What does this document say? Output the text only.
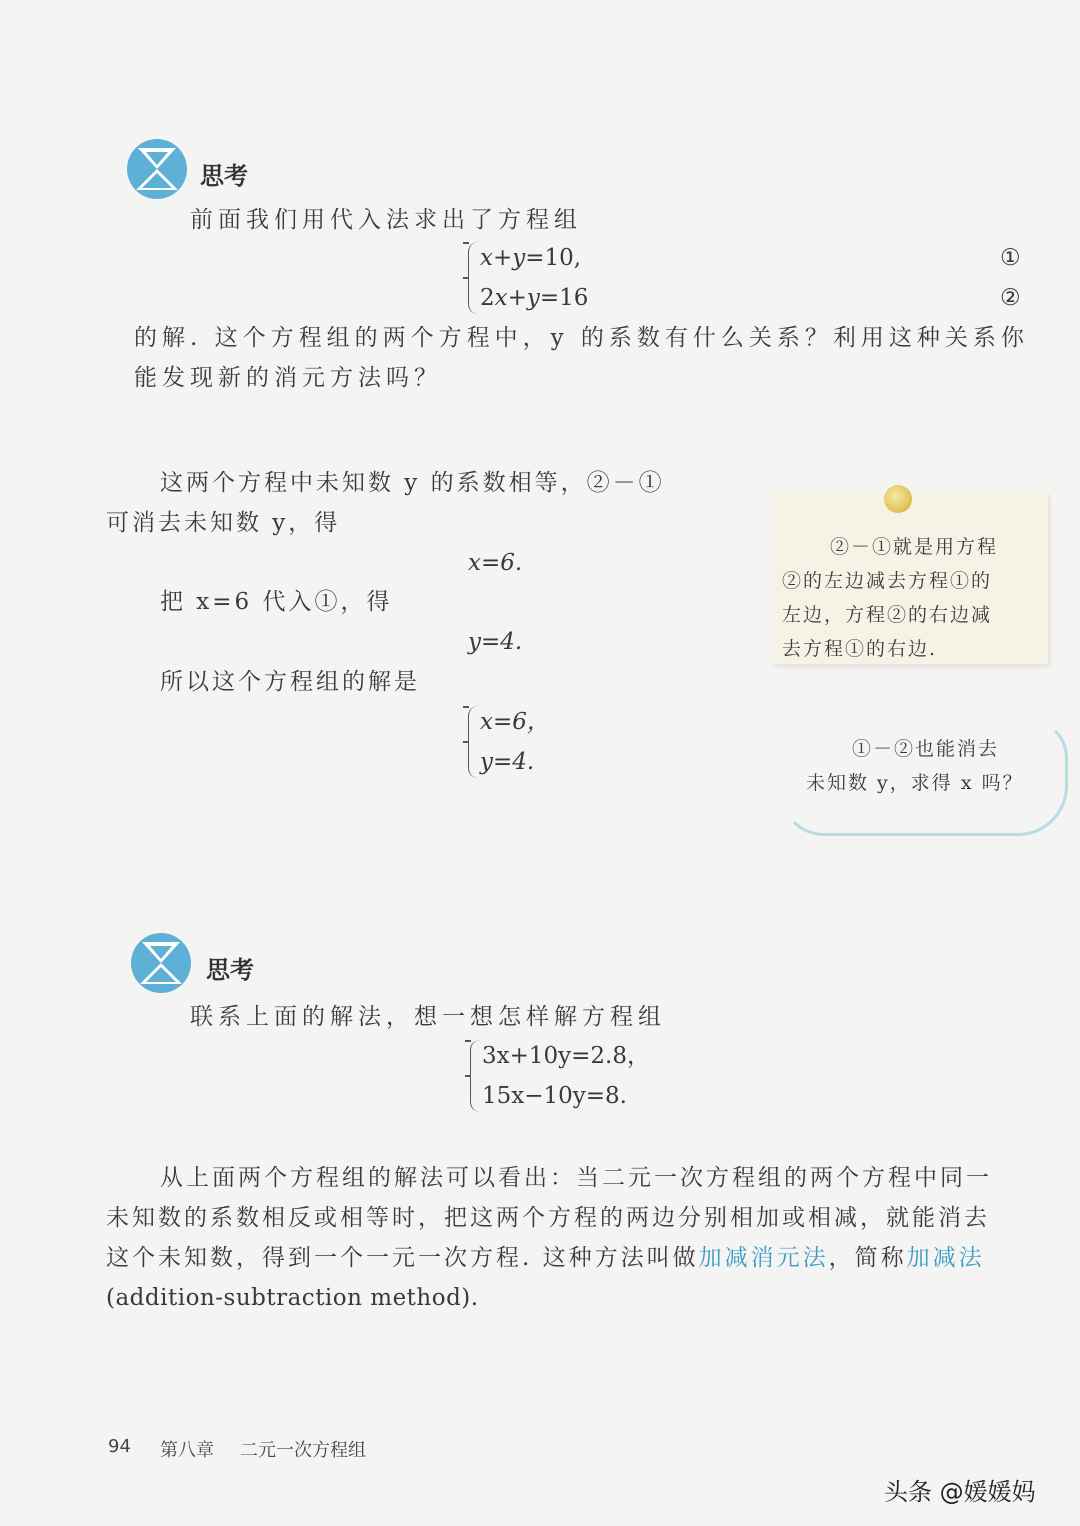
思考
前面我们用代入法求出了方程组
x+y=10,
2x+y=16
①
②
的解. 这个方程组的两个方程中，y 的系数有什么关系？利用这种关系你
能发现新的消元方法吗？
这两个方程中未知数 y 的系数相等，②－①
可消去未知数 y，得
x=6.
把 x=6 代入①，得
y=4.
所以这个方程组的解是
x=6，
y=4.
②－①就是用方程
②的左边减去方程①的
左边，方程②的右边减
去方程①的右边.
①－②也能消去
未知数 y，求得 x 吗？
思考
联系上面的解法，想一想怎样解方程组
3x+10y=2.8，
15x−10y=8.
从上面两个方程组的解法可以看出：当二元一次方程组的两个方程中同一
未知数的系数相反或相等时，把这两个方程的两边分别相加或相减，就能消去
这个未知数，得到一个一元一次方程. 这种方法叫做加减消元法，简称加减法
(addition-subtraction method).
94 第八章 二元一次方程组
头条 @媛媛妈
